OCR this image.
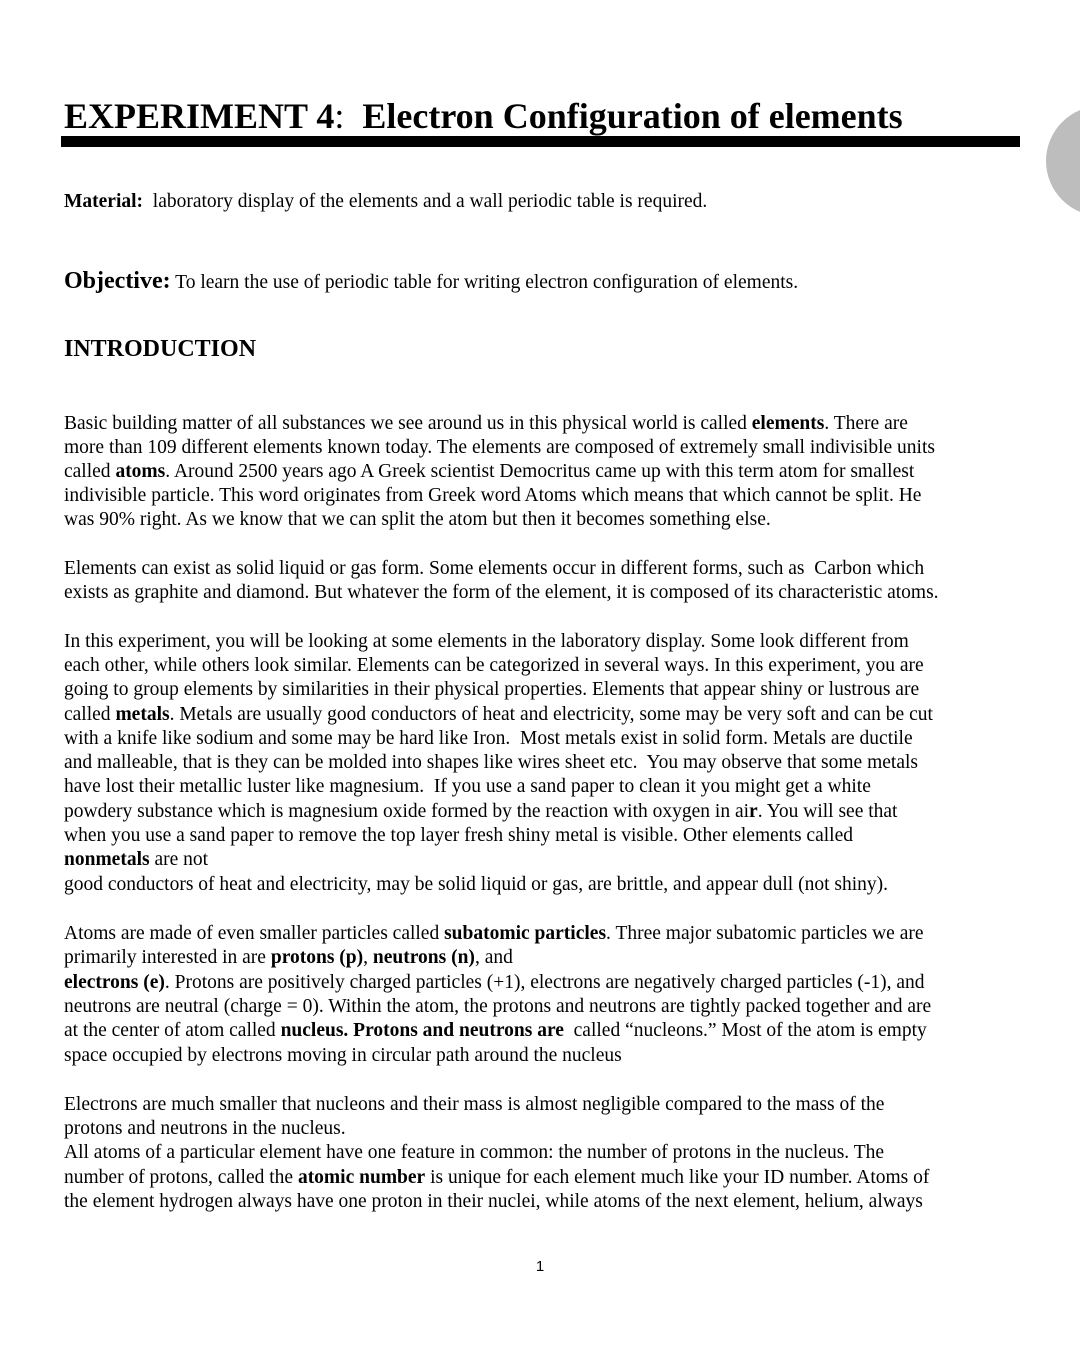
EXPERIMENT 4:  Electron Configuration of elements
Material:  laboratory display of the elements and a wall periodic table is required.
Objective: To learn the use of periodic table for writing electron configuration of elements.
INTRODUCTION
Basic building matter of all substances we see around us in this physical world is called elements. There are
more than 109 different elements known today. The elements are composed of extremely small indivisible units
called atoms. Around 2500 years ago A Greek scientist Democritus came up with this term atom for smallest
indivisible particle. This word originates from Greek word Atoms which means that which cannot be split. He
was 90% right. As we know that we can split the atom but then it becomes something else.
Elements can exist as solid liquid or gas form. Some elements occur in different forms, such as  Carbon which
exists as graphite and diamond. But whatever the form of the element, it is composed of its characteristic atoms.
In this experiment, you will be looking at some elements in the laboratory display. Some look different from
each other, while others look similar. Elements can be categorized in several ways. In this experiment, you are
going to group elements by similarities in their physical properties. Elements that appear shiny or lustrous are
called metals. Metals are usually good conductors of heat and electricity, some may be very soft and can be cut
with a knife like sodium and some may be hard like Iron.  Most metals exist in solid form. Metals are ductile
and malleable, that is they can be molded into shapes like wires sheet etc.  You may observe that some metals
have lost their metallic luster like magnesium.  If you use a sand paper to clean it you might get a white
powdery substance which is magnesium oxide formed by the reaction with oxygen in air. You will see that
when you use a sand paper to remove the top layer fresh shiny metal is visible. Other elements called
nonmetals are not
good conductors of heat and electricity, may be solid liquid or gas, are brittle, and appear dull (not shiny).
Atoms are made of even smaller particles called subatomic particles. Three major subatomic particles we are
primarily interested in are protons (p), neutrons (n), and
electrons (e). Protons are positively charged particles (+1), electrons are negatively charged particles (-1), and
neutrons are neutral (charge = 0). Within the atom, the protons and neutrons are tightly packed together and are
at the center of atom called nucleus. Protons and neutrons are  called “nucleons.” Most of the atom is empty
space occupied by electrons moving in circular path around the nucleus
Electrons are much smaller that nucleons and their mass is almost negligible compared to the mass of the
protons and neutrons in the nucleus.
All atoms of a particular element have one feature in common: the number of protons in the nucleus. The
number of protons, called the atomic number is unique for each element much like your ID number. Atoms of
the element hydrogen always have one proton in their nuclei, while atoms of the next element, helium, always
1
